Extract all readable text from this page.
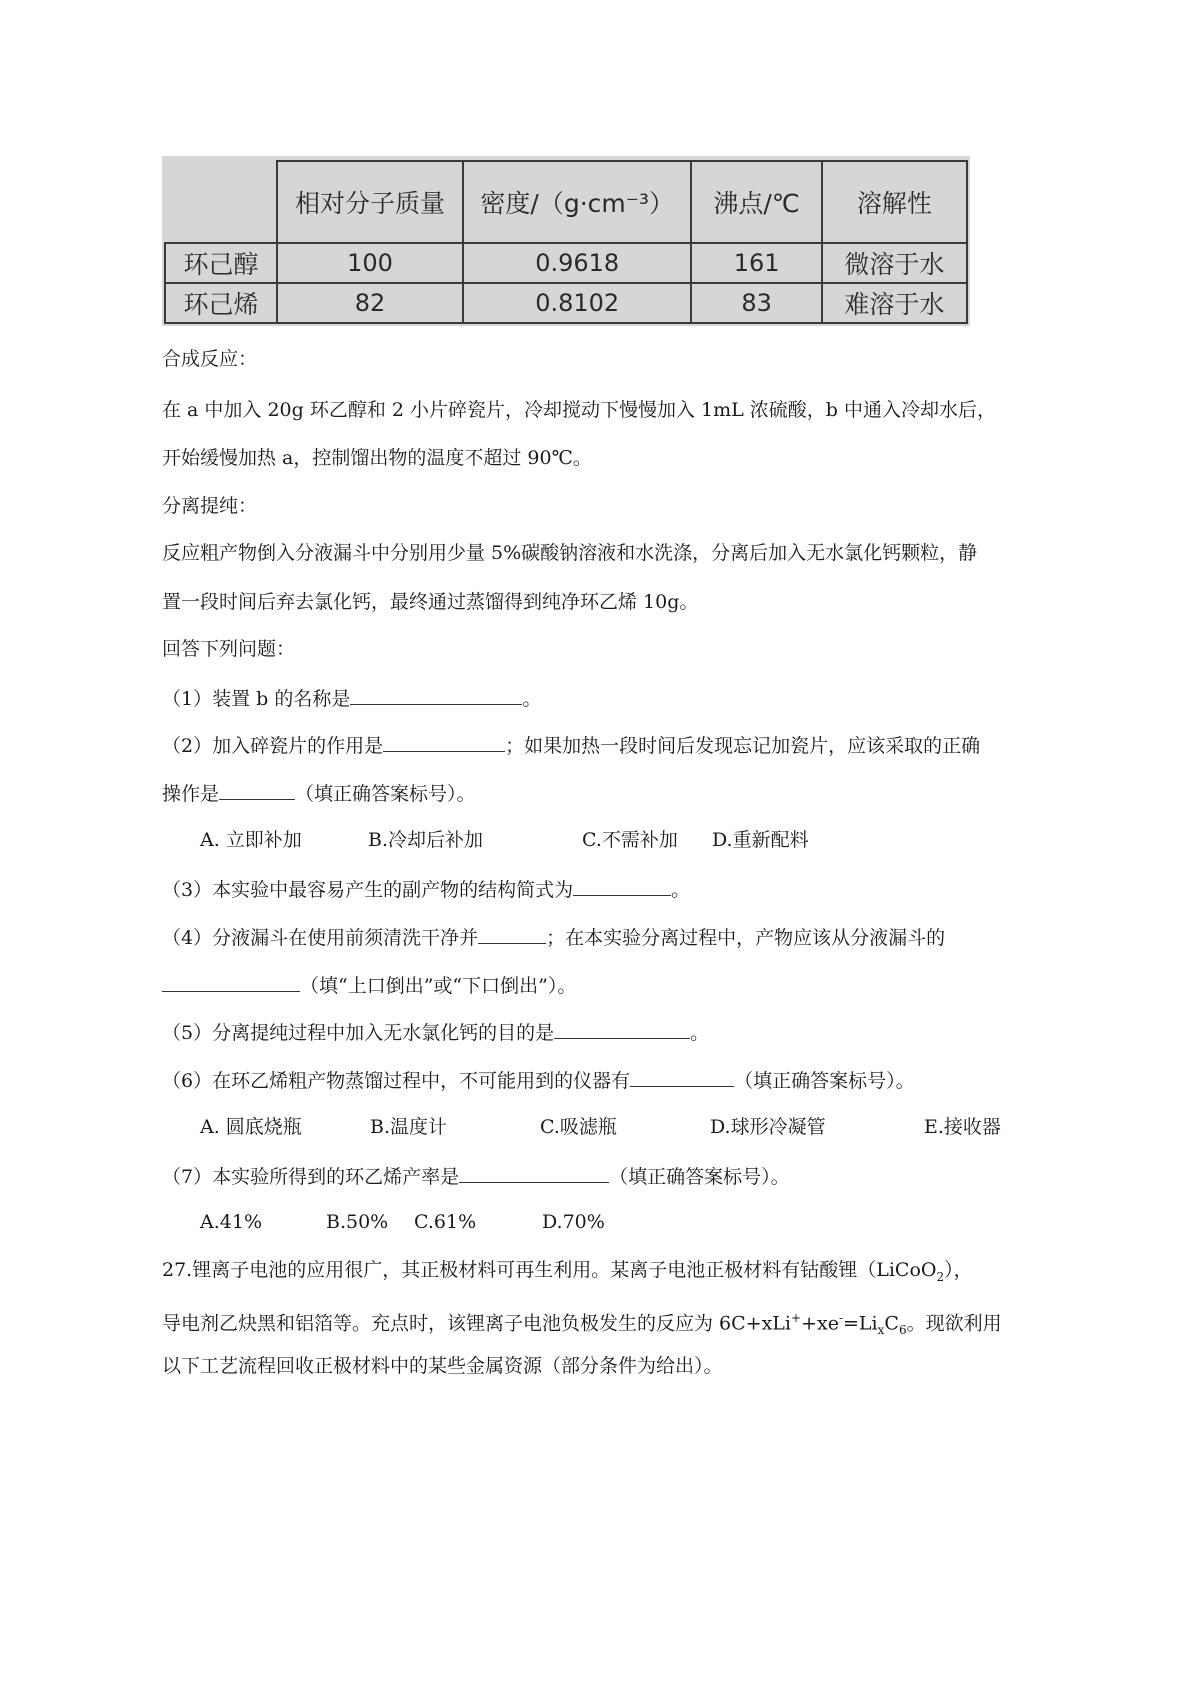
	相对分子质量	密度/（g·cm⁻³）	沸点/℃	溶解性
环己醇	100	0.9618	161	微溶于水
环己烯	82	0.8102	83	难溶于水
合成反应：
在 a 中加入 20g 环乙醇和 2 小片碎瓷片，冷却搅动下慢慢加入 1mL 浓硫酸，b 中通入冷却水后，
开始缓慢加热 a，控制馏出物的温度不超过 90℃。
分离提纯：
反应粗产物倒入分液漏斗中分别用少量 5%碳酸钠溶液和水洗涤，分离后加入无水氯化钙颗粒，静
置一段时间后弃去氯化钙，最终通过蒸馏得到纯净环乙烯 10g。
回答下列问题：
（1）装置 b 的名称是	。
（2）加入碎瓷片的作用是	；如果加热一段时间后发现忘记加瓷片，应该采取的正确
操作是	（填正确答案标号）。
A. 立即补加	B.冷却后补加	C.不需补加 D.重新配料
（3）本实验中最容易产生的副产物的结构简式为	。
（4）分液漏斗在使用前须清洗干净并	；在本实验分离过程中，产物应该从分液漏斗的
（填“上口倒出”或“下口倒出”）。
（5）分离提纯过程中加入无水氯化钙的目的是	。
（6）在环乙烯粗产物蒸馏过程中，不可能用到的仪器有	（填正确答案标号）。
A. 圆底烧瓶	B.温度计	C.吸滤瓶	D.球形冷凝管	E.接收器
（7）本实验所得到的环乙烯产率是	（填正确答案标号）。
A.41%	B.50% C.61%	D.70%
27.锂离子电池的应用很广，其正极材料可再生利用。某离子电池正极材料有钴酸锂（LiCoO$_2$），
导电剂乙炔黑和铝箔等。充点时，该锂离子电池负极发生的反应为 $6C+xLi^++xe^-=Li_xC_6$。现欲利用
以下工艺流程回收正极材料中的某些金属资源（部分条件为给出）。
